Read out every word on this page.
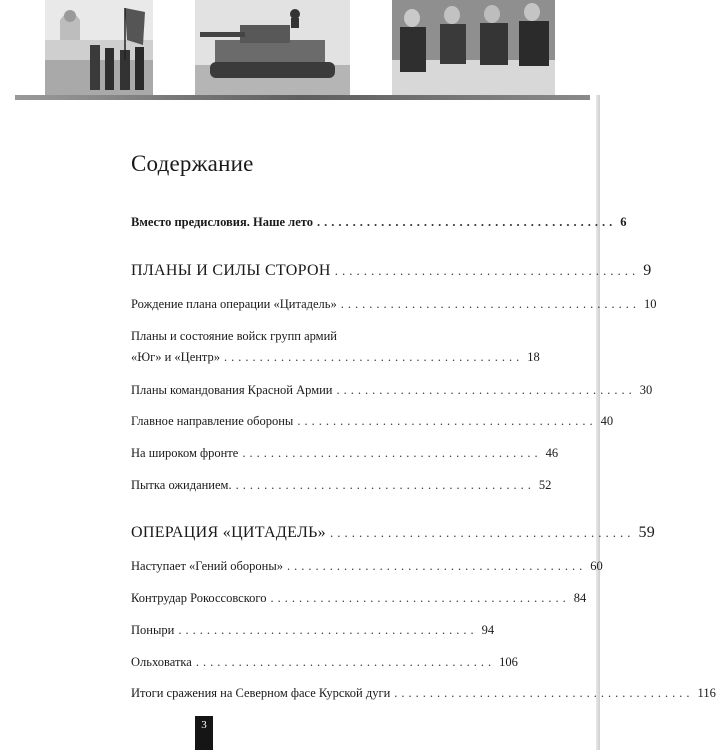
Содержание
Вместо предисловия. Наше лето .......................................... 6
ПЛАНЫ И СИЛЫ СТОРОН .......................................... 9
Рождение плана операции «Цитадель» .......................................... 10
Планы и состояние войск групп армий
«Юг» и «Центр» .......................................... 18
Планы командования Красной Армии .......................................... 30
Главное направление обороны .......................................... 40
На широком фронте .......................................... 46
Пытка ожиданием. .......................................... 52
ОПЕРАЦИЯ «ЦИТАДЕЛЬ» .......................................... 59
Наступает «Гений обороны» .......................................... 60
Контрудар Рокоссовского .......................................... 84
Поныри .......................................... 94
Ольховатка .......................................... 106
Итоги сражения на Северном фасе Курской дуги .......................................... 116
3
